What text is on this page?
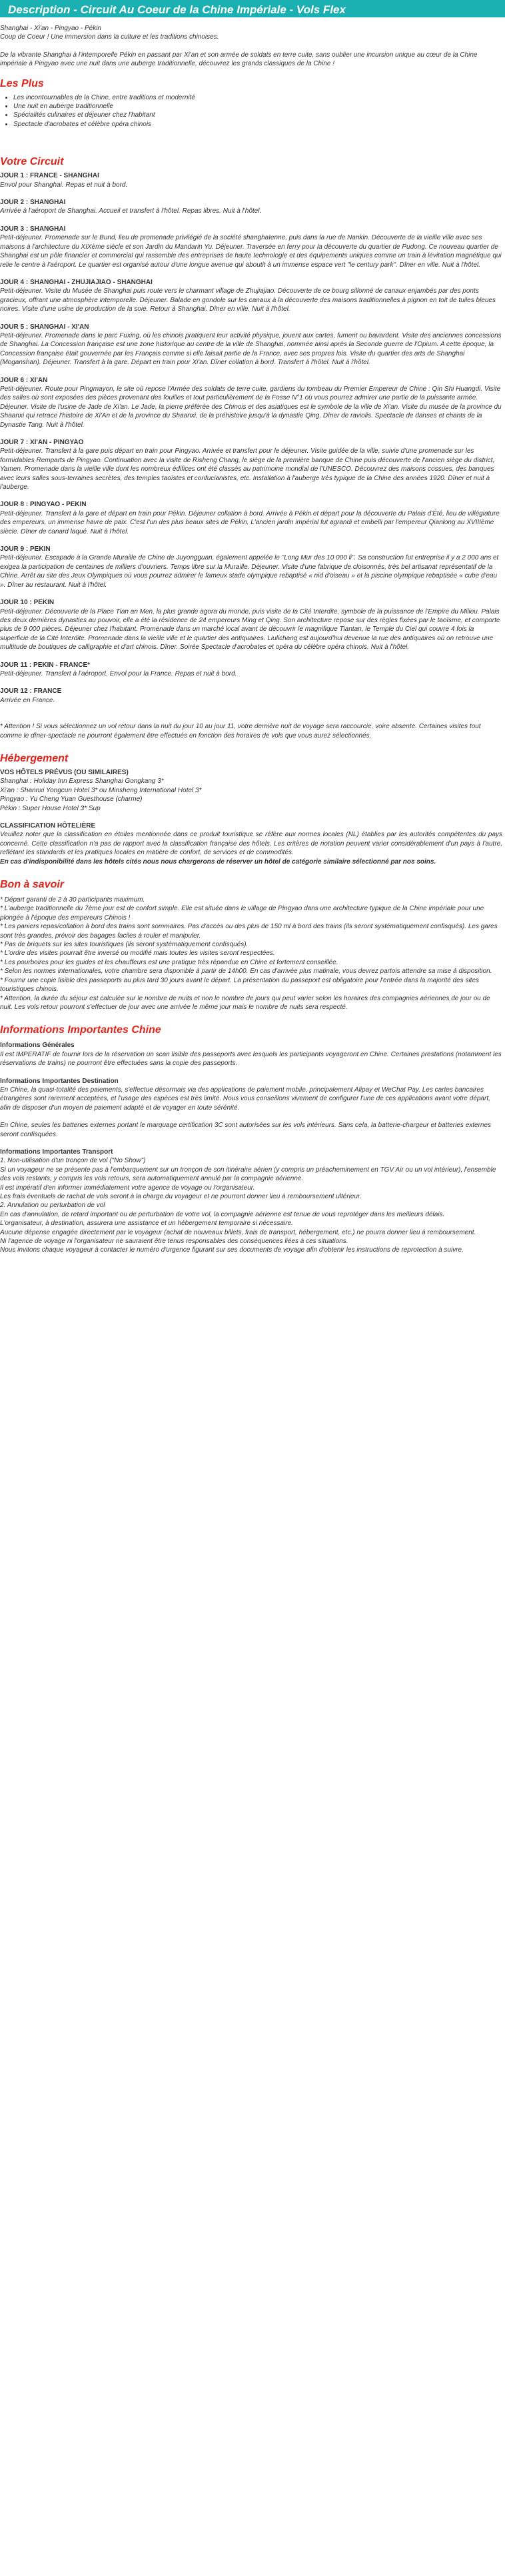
Description - Circuit Au Coeur de la Chine Impériale - Vols Flex

Shanghai - Xi'an - Pingyao - Pékin

Coup de Coeur ! Une immersion dans la culture et les traditions chinoises.

De la vibrante Shanghai à l'intemporelle Pékin en passant par Xi'an et son armée de soldats en terre cuite, sans oublier une incursion unique au cœur de la Chine impériale à Pingyao avec une nuit dans une auberge traditionnelle, découvrez les grands classiques de la Chine !

Les Plus
• Les incontournables de la Chine, entre traditions et modernité
• Une nuit en auberge traditionnelle
• Spécialités culinaires et déjeuner chez l'habitant
• Spectacle d'acrobates et célèbre opéra chinois
Votre Circuit

JOUR 1 : FRANCE - SHANGHAI

Envol pour Shanghai. Repas et nuit à bord.

JOUR 2 : SHANGHAI

Arrivée à l'aéroport de Shanghai. Accueil et transfert à l'hôtel. Repas libres. Nuit à l'hôtel.

JOUR 3 : SHANGHAI

Petit-déjeuner. Promenade sur le Bund, lieu de promenade privilégié de la société shanghaïenne, puis dans la rue de Nankin. Découverte de la vieille ville avec ses maisons à l'architecture du XIXème siècle et son Jardin du Mandarin Yu. Déjeuner. Traversée en ferry pour la découverte du quartier de Pudong. Ce nouveau quartier de Shanghai est un pôle financier et commercial qui rassemble des entreprises de haute technologie et des équipements uniques comme un train à lévitation magnétique qui relie le centre à l'aéroport. Le quartier est organisé autour d'une longue avenue qui aboutit à un immense espace vert "le century park". Dîner en ville. Nuit à l'hôtel.

JOUR 4 : SHANGHAI - ZHUJIAJIAO - SHANGHAI

Petit-déjeuner. Visite du Musée de Shanghai puis route vers le charmant village de Zhujiajiao. Découverte de ce bourg sillonné de canaux enjambés par des ponts gracieux, offrant une atmosphère intemporelle. Déjeuner. Balade en gondole sur les canaux à la découverte des maisons traditionnelles à pignon en toit de tuiles bleues noires. Visite d'une usine de production de la soie. Retour à Shanghai. Dîner en ville. Nuit à l'hôtel.

JOUR 5 : SHANGHAI - XI'AN

Petit-déjeuner. Promenade dans le parc Fuxing, où les chinois pratiquent leur activité physique, jouent aux cartes, fument ou bavardent. Visite des anciennes concessions de Shanghai. La Concession française est une zone historique au centre de la ville de Shanghai, nommée ainsi après la Seconde guerre de l'Opium. A cette époque, la Concession française était gouvernée par les Français comme si elle faisait partie de la France, avec ses propres lois. Visite du quartier des arts de Shanghai (Moganshan). Déjeuner. Transfert à la gare. Départ en train pour Xi'an. Dîner collation à bord. Transfert à l'hôtel. Nuit à l'hôtel.

JOUR 6 : XI'AN

Petit-déjeuner. Route pour Pingmayon, le site où repose l'Armée des soldats de terre cuite, gardiens du tombeau du Premier Empereur de Chine : Qin Shi Huangdi. Visite des salles où sont exposées des pièces provenant des fouilles et tout particulièrement de la Fosse N°1 où vous pourrez admirer une partie de la puissante armée. Déjeuner. Visite de l'usine de Jade de Xi'an. Le Jade, la pierre préférée des Chinois et des asiatiques est le symbole de la ville de Xi'an. Visite du musée de la province du Shaanxi qui retrace l'histoire de Xi'An et de la province du Shaanxi, de la préhistoire jusqu'à la dynastie Qing. Dîner de raviolis. Spectacle de danses et chants de la Dynastie Tang. Nuit à l'hôtel.

JOUR 7 : XI'AN - PINGYAO

Petit-déjeuner. Transfert à la gare puis départ en train pour Pingyao. Arrivée et transfert pour le déjeuner. Visite guidée de la ville, suivie d'une promenade sur les formidables Remparts de Pingyao. Continuation avec la visite de Risheng Chang, le siège de la première banque de Chine puis découverte de l'ancien siège du district, Yamen. Promenade dans la vieille ville dont les nombreux édifices ont été classés au patrimoine mondial de l'UNESCO. Découvrez des maisons cossues, des banques avec leurs salles sous-terraines secrètes, des temples taoïstes et confucianistes, etc. Installation à l'auberge très typique de la Chine des années 1920. Dîner et nuit à l'auberge.

JOUR 8 : PINGYAO - PEKIN

Petit-déjeuner. Transfert à la gare et départ en train pour Pékin. Déjeuner collation à bord. Arrivée à Pékin et départ pour la découverte du Palais d'Été, lieu de villégiature des empereurs, un immense havre de paix. C'est l'un des plus beaux sites de Pékin. L'ancien jardin impérial fut agrandi et embelli par l'empereur Qianlong au XVIIIème siècle. Dîner de canard laqué. Nuit à l'hôtel.

JOUR 9 : PEKIN

Petit-déjeuner. Escapade à la Grande Muraille de Chine de Juyongguan, également appelée le "Long Mur des 10 000 li". Sa construction fut entreprise il y a 2 000 ans et exigea la participation de centaines de milliers d'ouvriers. Temps libre sur la Muraille. Déjeuner. Visite d'une fabrique de cloisonnés, très bel artisanat représentatif de la Chine. Arrêt au site des Jeux Olympiques où vous pourrez admirer le fameux stade olympique rebaptisé « nid d'oiseau » et la piscine olympique rebaptisée « cube d'eau ». Dîner au restaurant. Nuit à l'hôtel.

JOUR 10 : PEKIN

Petit-déjeuner. Découverte de la Place Tian an Men, la plus grande agora du monde, puis visite de la Cité Interdite, symbole de la puissance de l'Empire du Milieu. Palais des deux dernières dynasties au pouvoir, elle a été la résidence de 24 empereurs Ming et Qing. Son architecture repose sur des règles fixées par le taoïsme, et comporte plus de 9 000 pièces. Déjeuner chez l'habitant. Promenade dans un marché local avant de découvrir le magnifique Tiantan, le Temple du Ciel qui couvre 4 fois la superficie de la Cité Interdite. Promenade dans la vieille ville et le quartier des antiquaires. Liulichang est aujourd'hui devenue la rue des antiquaires où on retrouve une multitude de boutiques de calligraphie et d'art chinois. Dîner. Soirée Spectacle d'acrobates et opéra du célèbre opéra chinois. Nuit à l'hôtel.

JOUR 11 : PEKIN - FRANCE*

Petit-déjeuner. Transfert à l'aéroport. Envol pour la France. Repas et nuit à bord.

JOUR 12 : FRANCE

Arrivée en France.

* Attention ! Si vous sélectionnez un vol retour dans la nuit du jour 10 au jour 11, votre dernière nuit de voyage sera raccourcie, voire absente. Certaines visites tout comme le dîner-spectacle ne pourront également être effectués en fonction des horaires de vols que vous aurez sélectionnés.

Hébergement

VOS HÔTELS PRÉVUS (OU SIMILAIRES)

Shanghai : Holiday Inn Express Shanghai Gongkang 3*

Xi'an : Shannxi Yongcun Hotel 3* ou Minsheng International Hotel 3*

Pingyao : Yu Cheng Yuan Guesthouse (charme)

Pékin : Super House Hotel 3* Sup

CLASSIFICATION HÔTELIÈRE

Veuillez noter que la classification en étoiles mentionnée dans ce produit touristique se réfère aux normes locales (NL) établies par les autorités compétentes du pays concerné. Cette classification n'a pas de rapport avec la classification française des hôtels. Les critères de notation peuvent varier considérablement d'un pays à l'autre, reflétant les standards et les pratiques locales en matière de confort, de services et de commodités.

En cas d'indisponibilité dans les hôtels cités nous nous chargerons de réserver un hôtel de catégorie similaire sélectionné par nos soins.

Bon à savoir

* Départ garanti de 2 à 30 participants maximum.

* L'auberge traditionnelle du 7ème jour est de confort simple. Elle est située dans le village de Pingyao dans une architecture typique de la Chine impériale pour une plongée à l'époque des empereurs Chinois !

* Les paniers repas/collation à bord des trains sont sommaires. Pas d'accès ou des plus de 150 ml à bord des trains (ils seront systématiquement confisqués). Les gares sont très grandes, prévoir des bagages faciles à rouler et manipuler.

* Pas de briquets sur les sites touristiques (ils seront systématiquement confisqués).

* L'ordre des visites pourrait être inversé ou modifié mais toutes les visites seront respectées.

* Les pourboires pour les guides et les chauffeurs est une pratique très répandue en Chine et fortement conseillée.

* Selon les normes internationales, votre chambre sera disponible à partir de 14h00. En cas d'arrivée plus matinale, vous devrez partois attendre sa mise à disposition.

* Fournir une copie lisible des passeports au plus tard 30 jours avant le départ. La présentation du passeport est obligatoire pour l'entrée dans la majorité des sites touristiques chinois.

* Attention, la durée du séjour est calculée sur le nombre de nuits et non le nombre de jours qui peut varier selon les horaires des compagnies aériennes de jour ou de nuit. Les vols retour pourront s'effectuer de jour avec une arrivée le même jour mais le nombre de nuits sera respecté.

Informations Importantes Chine

Informations Générales

Il est IMPERATIF de fournir lors de la réservation un scan lisible des passeports avec lesquels les participants voyageront en Chine. Certaines prestations (notamment les réservations de trains) ne pourront être effectuées sans la copie des passeports.

Informations Importantes Destination

En Chine, la quasi-totalité des paiements, s'effectue désormais via des applications de paiement mobile, principalement Alipay et WeChat Pay. Les cartes bancaires étrangères sont rarement acceptées, et l'usage des espèces est très limité. Nous vous conseillons vivement de configurer l'une de ces applications avant votre départ, afin de disposer d'un moyen de paiement adapté et de voyager en toute sérénité.

En Chine, seules les batteries externes portant le marquage certification 3C sont autorisées sur les vols intérieurs. Sans cela, la batterie-chargeur et batteries externes seront confisquées.

Informations Importantes Transport

1. Non-utilisation d'un tronçon de vol ("No Show")

Si un voyageur ne se présente pas à l'embarquement sur un tronçon de son itinéraire aérien (y compris un préacheminement en TGV Air ou un vol intérieur), l'ensemble des vols restants, y compris les vols retours, sera automatiquement annulé par la compagnie aérienne.

Il est impératif d'en informer immédiatement votre agence de voyage ou l'organisateur.

Les frais éventuels de rachat de vols seront à la charge du voyageur et ne pourront donner lieu à remboursement ultérieur.

2. Annulation ou perturbation de vol

En cas d'annulation, de retard important ou de perturbation de votre vol, la compagnie aérienne est tenue de vous reprotéger dans les meilleurs délais.

L'organisateur, à destination, assurera une assistance et un hébergement temporaire si nécessaire.

Aucune dépense engagée directement par le voyageur (achat de nouveaux billets, frais de transport, hébergement, etc.) ne pourra donner lieu à remboursement.

Ni l'agence de voyage ni l'organisateur ne sauraient être tenus responsables des conséquences liées à ces situations.

Nous invitons chaque voyageur à contacter le numéro d'urgence figurant sur ses documents de voyage afin d'obtenir les instructions de reprotection à suivre.
